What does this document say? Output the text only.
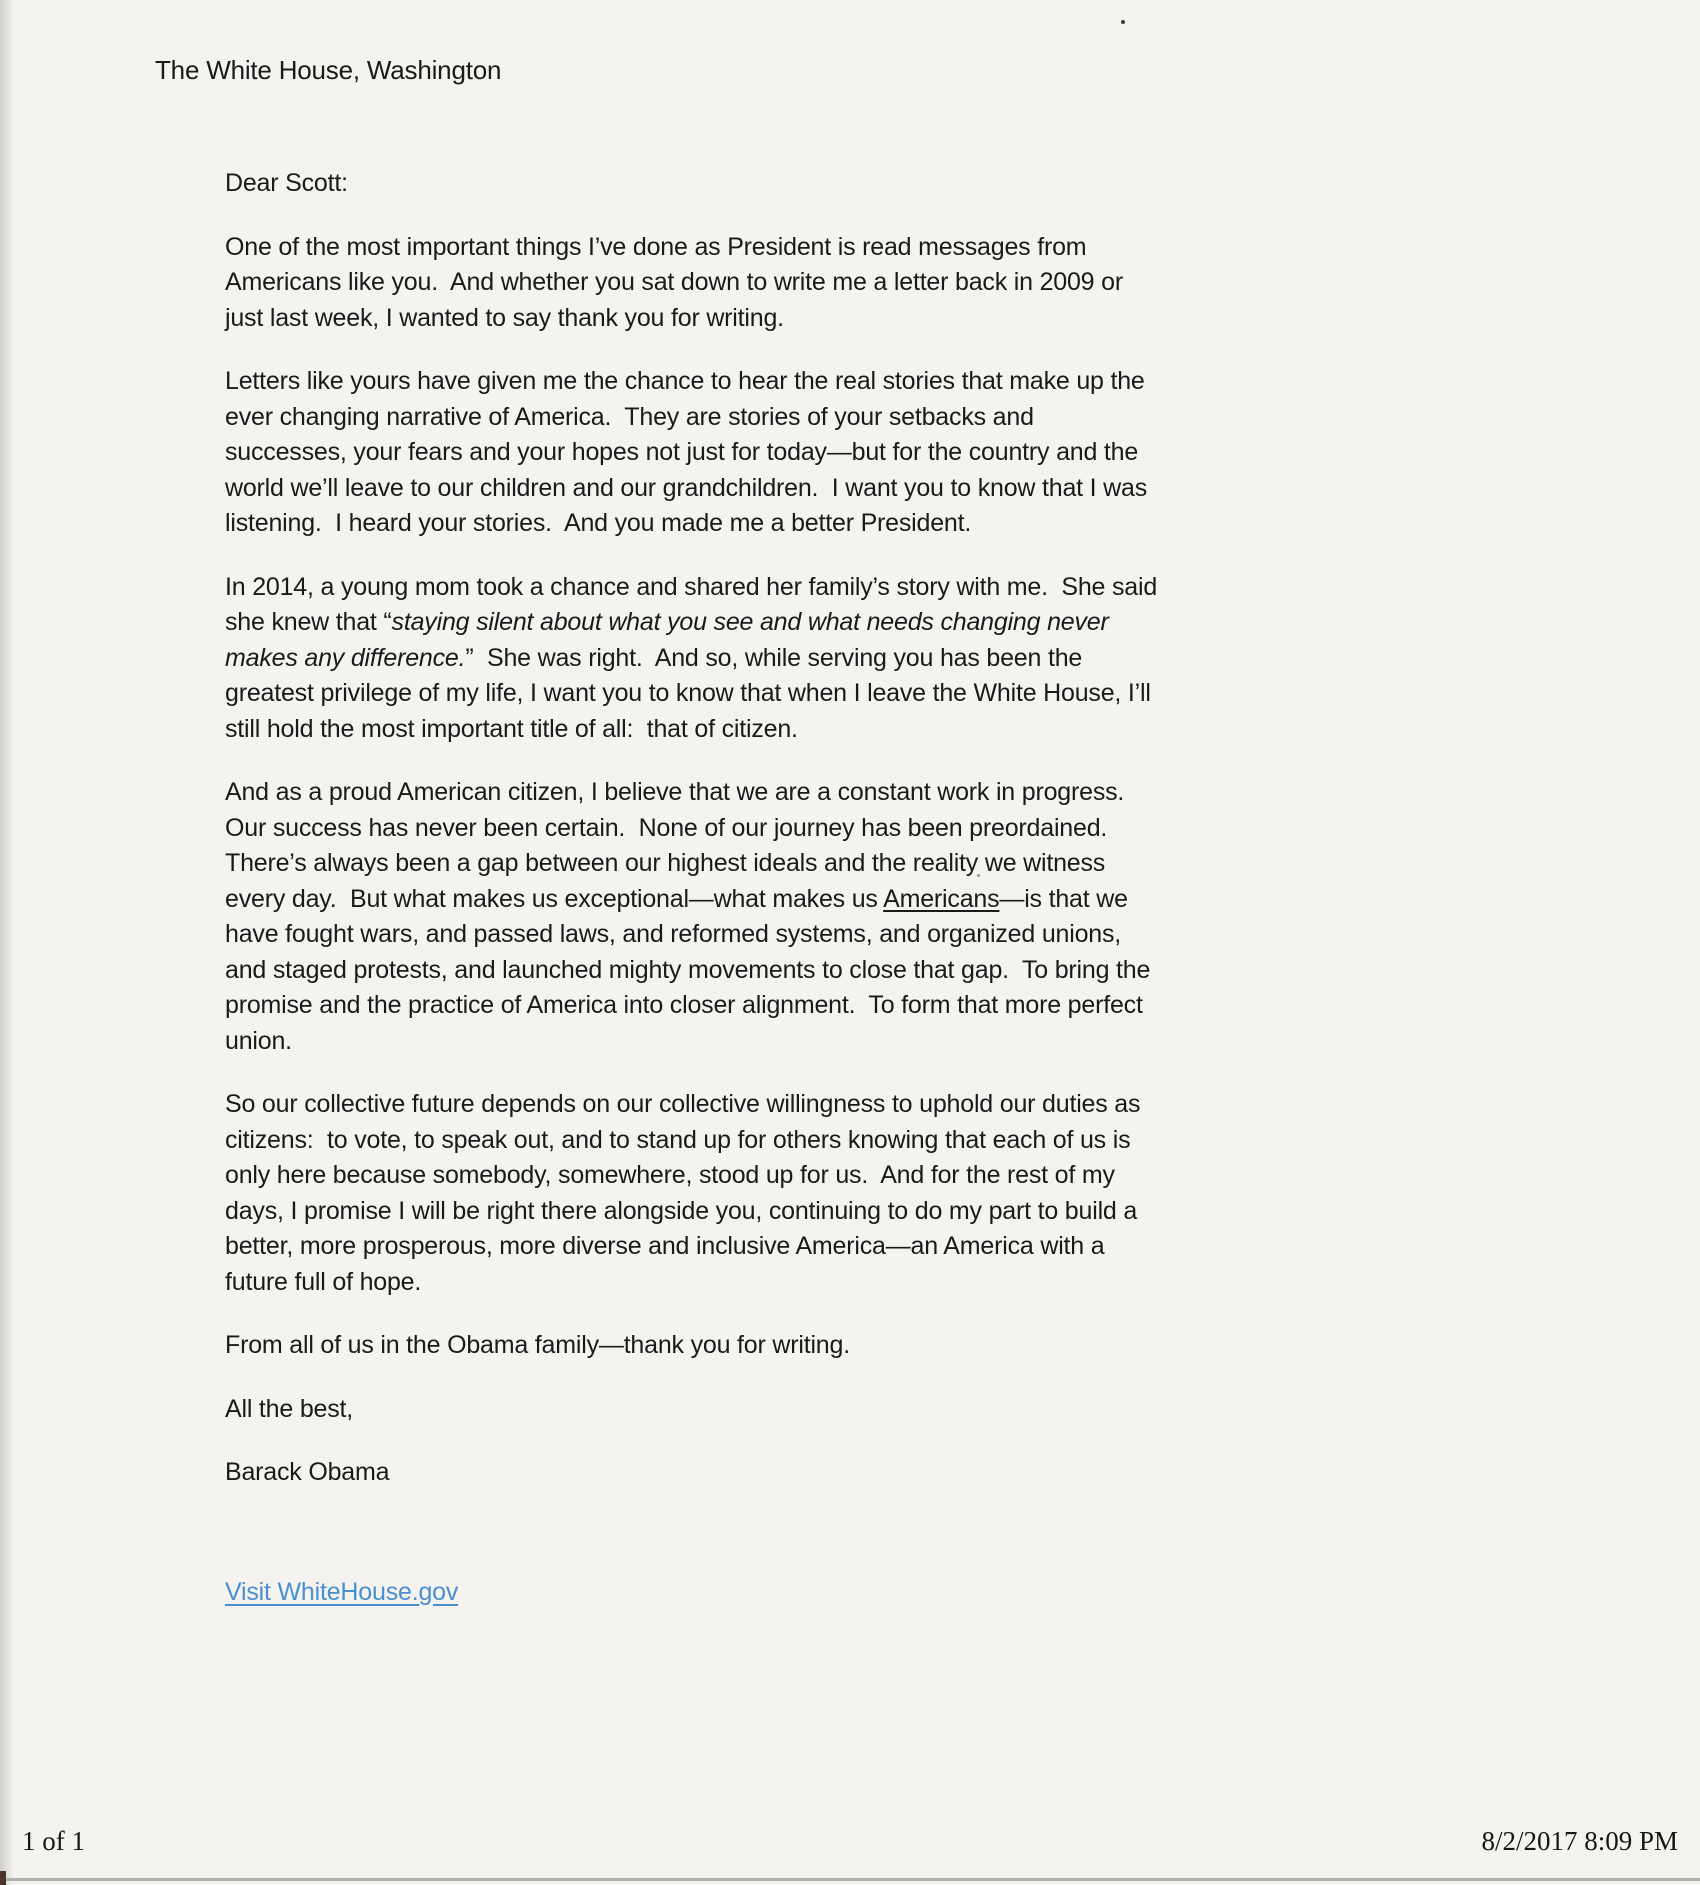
The White House, Washington
Dear Scott:
One of the most important things I’ve done as President is read messages from
Americans like you.  And whether you sat down to write me a letter back in 2009 or
just last week, I wanted to say thank you for writing.
Letters like yours have given me the chance to hear the real stories that make up the
ever changing narrative of America.  They are stories of your setbacks and
successes, your fears and your hopes not just for today—but for the country and the
world we’ll leave to our children and our grandchildren.  I want you to know that I was
listening.  I heard your stories.  And you made me a better President.
In 2014, a young mom took a chance and shared her family’s story with me.  She said
she knew that “staying silent about what you see and what needs changing never
makes any difference.”  She was right.  And so, while serving you has been the
greatest privilege of my life, I want you to know that when I leave the White House, I’ll
still hold the most important title of all:  that of citizen.
And as a proud American citizen, I believe that we are a constant work in progress.
Our success has never been certain.  None of our journey has been preordained.
There’s always been a gap between our highest ideals and the reality we witness
every day.  But what makes us exceptional—what makes us Americans—is that we
have fought wars, and passed laws, and reformed systems, and organized unions,
and staged protests, and launched mighty movements to close that gap.  To bring the
promise and the practice of America into closer alignment.  To form that more perfect
union.
So our collective future depends on our collective willingness to uphold our duties as
citizens:  to vote, to speak out, and to stand up for others knowing that each of us is
only here because somebody, somewhere, stood up for us.  And for the rest of my
days, I promise I will be right there alongside you, continuing to do my part to build a
better, more prosperous, more diverse and inclusive America—an America with a
future full of hope.
From all of us in the Obama family—thank you for writing.
All the best,
Barack Obama
Visit WhiteHouse.gov
1 of 1	8/2/2017 8:09 PM
